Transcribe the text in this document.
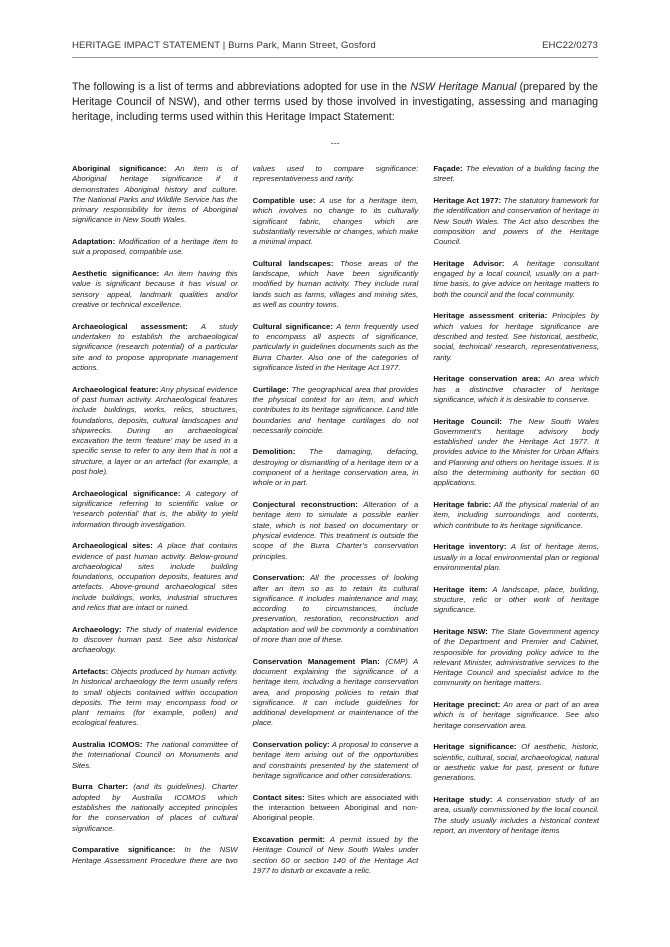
HERITAGE IMPACT STATEMENT | Burns Park, Mann Street, Gosford	EHC22/0273

The following is a list of terms and abbreviations adopted for use in the NSW Heritage Manual (prepared by the Heritage Council of NSW), and other terms used by those involved in investigating, assessing and managing heritage, including terms used within this Heritage Impact Statement:

---

Aboriginal significance: An item is of Aboriginal heritage significance if it demonstrates Aboriginal history and culture. The National Parks and Wildlife Service has the primary responsibility for items of Aboriginal significance in New South Wales.

Adaptation: Modification of a heritage item to suit a proposed, compatible use.

Aesthetic significance: An item having this value is significant because it has visual or sensory appeal, landmark qualities and/or creative or technical excellence.

Archaeological assessment: A study undertaken to establish the archaeological significance (research potential) of a particular site and to propose appropriate management actions.

Archaeological feature: Any physical evidence of past human activity. Archaeological features include buildings, works, relics, structures, foundations, deposits, cultural landscapes and shipwrecks. During an archaeological excavation the term ‘feature’ may be used in a specific sense to refer to any item that is not a structure, a layer or an artefact (for example, a post hole).

Archaeological significance: A category of significance referring to scientific value or ‘research potential’ that is, the ability to yield information through investigation.

Archaeological sites: A place that contains evidence of past human activity. Below-ground archaeological sites include building foundations, occupation deposits, features and artefacts. Above-ground archaeological sites include buildings, works, industrial structures and relics that are intact or ruined.

Archaeology: The study of material evidence to discover human past. See also historical archaeology.

Artefacts: Objects produced by human activity. In historical archaeology the term usually refers to small objects contained within occupation deposits. The term may encompass food or plant remains (for example, pollen) and ecological features.

Australia ICOMOS: The national committee of the International Council on Monuments and Sites.

Burra Charter: (and its guidelines). Charter adopted by Australia ICOMOS which establishes the nationally accepted principles for the conservation of places of cultural significance.

Comparative significance: In the NSW Heritage Assessment Procedure there are two values used to compare significance: representativeness and rarity.

Compatible use: A use for a heritage item, which involves no change to its culturally significant fabric, changes which are substantially reversible or changes, which make a minimal impact.

Cultural landscapes: Those areas of the landscape, which have been significantly modified by human activity. They include rural lands such as farms, villages and mining sites, as well as country towns.

Cultural significance: A term frequently used to encompass all aspects of significance, particularly in guidelines documents such as the Burra Charter. Also one of the categories of significance listed in the Heritage Act 1977.

Curtilage: The geographical area that provides the physical context for an item, and which contributes to its heritage significance. Land title boundaries and heritage curtilages do not necessarily coincide.

Demolition: The damaging, defacing, destroying or dismantling of a heritage item or a component of a heritage conservation area, in whole or in part.

Conjectural reconstruction: Alteration of a heritage item to simulate a possible earlier state, which is not based on documentary or physical evidence. This treatment is outside the scope of the Burra Charter’s conservation principles.

Conservation: All the processes of looking after an item so as to retain its cultural significance. It includes maintenance and may, according to circumstances, include preservation, restoration, reconstruction and adaptation and will be commonly a combination of more than one of these.

Conservation Management Plan: (CMP) A document explaining the significance of a heritage item, including a heritage conservation area, and proposing policies to retain that significance. It can include guidelines for additional development or maintenance of the place.

Conservation policy: A proposal to conserve a heritage item arising out of the opportunities and constraints presented by the statement of heritage significance and other considerations.

Contact sites: Sites which are associated with the interaction between Aboriginal and non-Aboriginal people.

Excavation permit: A permit issued by the Heritage Council of New South Wales under section 60 or section 140 of the Heritage Act 1977 to disturb or excavate a relic.

Façade: The elevation of a building facing the street.

Heritage Act 1977: The statutory framework for the identification and conservation of heritage in New South Wales. The Act also describes the composition and powers of the Heritage Council.

Heritage Advisor: A heritage consultant engaged by a local council, usually on a part-time basis, to give advice on heritage matters to both the council and the local community.

Heritage assessment criteria: Principles by which values for heritage significance are described and tested. See historical, aesthetic, social, technical/ research, representativeness, rarity.

Heritage conservation area: An area which has a distinctive character of heritage significance, which it is desirable to conserve.

Heritage Council: The New South Wales Government’s heritage advisory body established under the Heritage Act 1977. It provides advice to the Minister for Urban Affairs and Planning and others on heritage issues. It is also the determining authority for section 60 applications.

Heritage fabric: All the physical material of an item, including surroundings and contents, which contribute to its heritage significance.

Heritage inventory: A list of heritage items, usually in a local environmental plan or regional environmental plan.

Heritage item: A landscape, place, building, structure, relic or other work of heritage significance.

Heritage NSW: The State Government agency of the Department and Premier and Cabinet, responsible for providing policy advice to the relevant Minister, administrative services to the Heritage Council and specialist advice to the community on heritage matters.

Heritage precinct: An area or part of an area which is of heritage significance. See also heritage conservation area.

Heritage significance: Of aesthetic, historic, scientific, cultural, social, archaeological, natural or aesthetic value for past, present or future generations.

Heritage study: A conservation study of an area, usually commissioned by the local council. The study usually includes a historical context report, an inventory of heritage items
